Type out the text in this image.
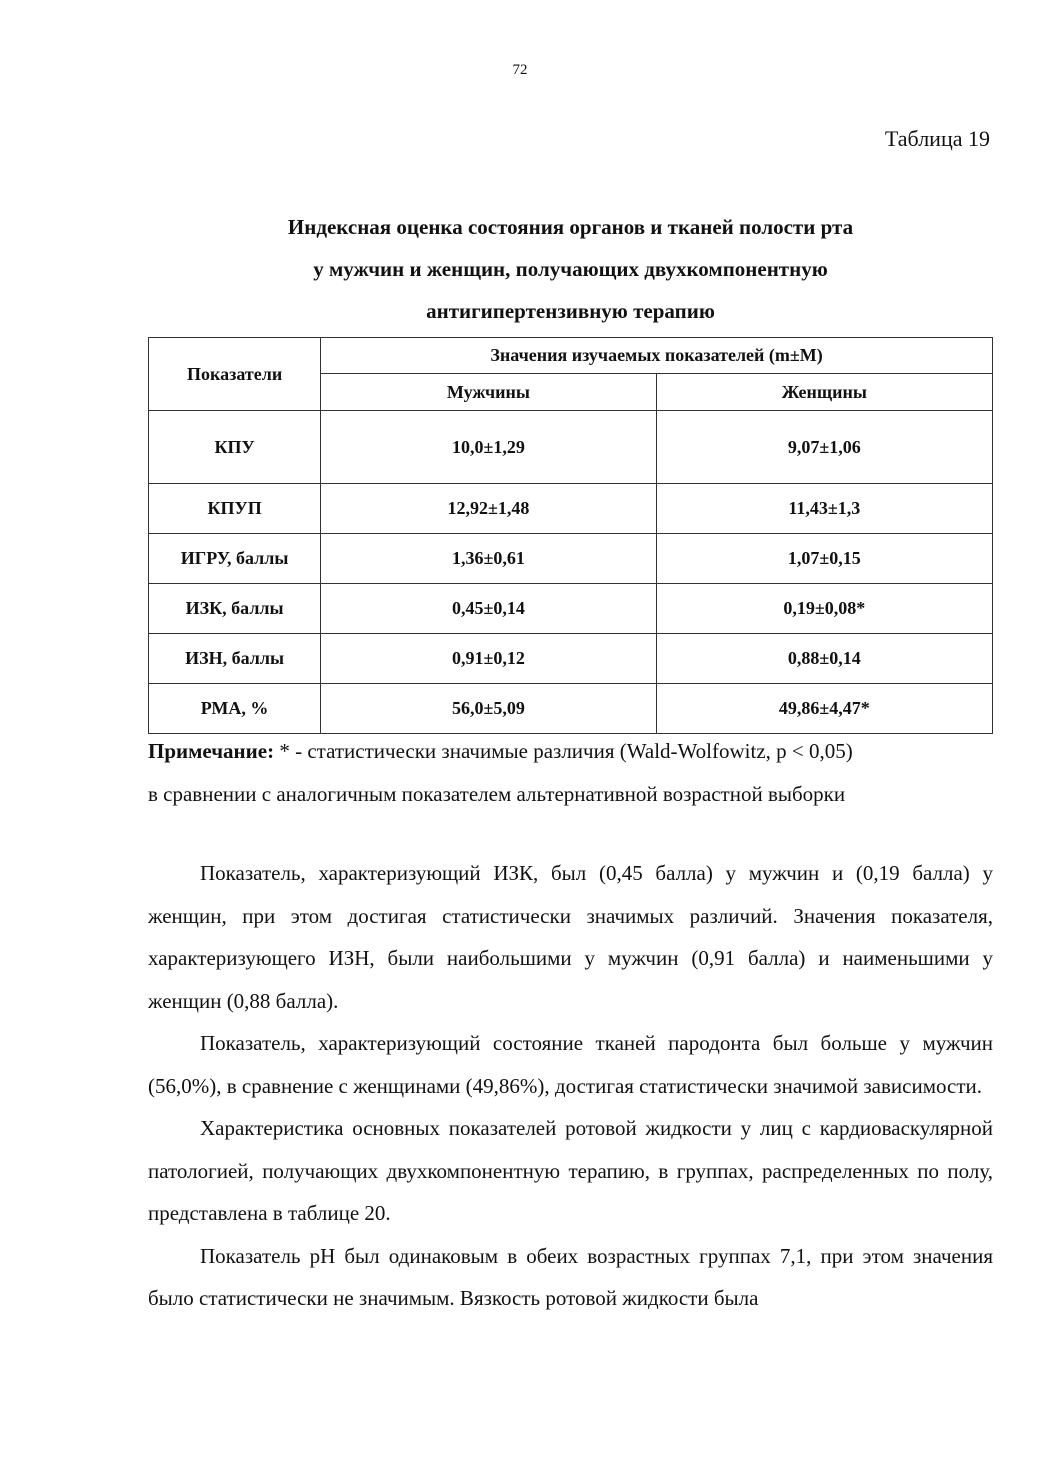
72
Таблица 19
Индексная оценка состояния органов и тканей полости рта
у мужчин и женщин, получающих двухкомпонентную
антигипертензивную терапию
Показатели	Значения изучаемых показателей (m±M)	
	Мужчины	Женщины
КПУ	10,0±1,29	9,07±1,06
КПУП	12,92±1,48	11,43±1,3
ИГРУ, баллы	1,36±0,61	1,07±0,15
ИЗК, баллы	0,45±0,14	0,19±0,08*
ИЗН, баллы	0,91±0,12	0,88±0,14
РМА, %	56,0±5,09	49,86±4,47*
Примечание: * - статистически значимые различия (Wald-Wolfowitz, р < 0,05)
в сравнении с аналогичным показателем альтернативной возрастной выборки

Показатель, характеризующий ИЗК, был (0,45 балла) у мужчин и (0,19 балла) у женщин, при этом достигая статистически значимых различий. Значения показателя, характеризующего ИЗН, были наибольшими у мужчин (0,91 балла) и наименьшими у женщин (0,88 балла).

Показатель, характеризующий состояние тканей пародонта был больше у мужчин (56,0%), в сравнение с женщинами (49,86%), достигая статистически значимой зависимости.

Характеристика основных показателей ротовой жидкости у лиц с кардиоваскулярной патологией, получающих двухкомпонентную терапию, в группах, распределенных по полу, представлена в таблице 20.

Показатель рН был одинаковым в обеих возрастных группах 7,1, при этом значения было статистически не значимым. Вязкость ротовой жидкости была
